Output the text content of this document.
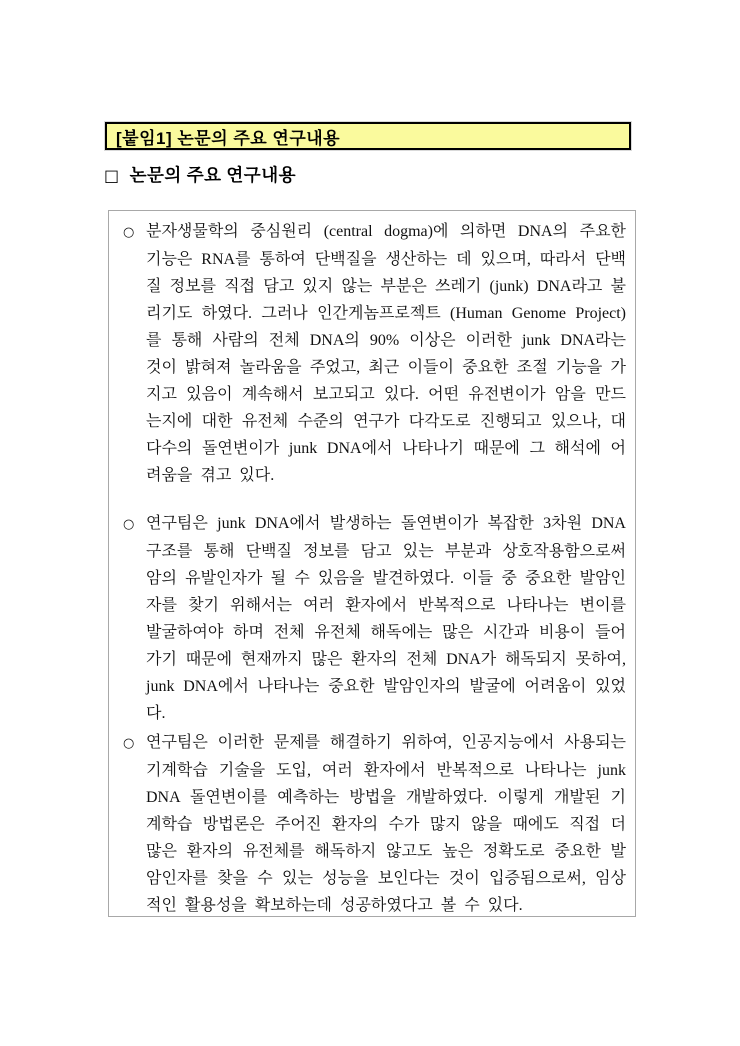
[붙임1] 논문의 주요 연구내용
□ 논문의 주요 연구내용

○ 분자생물학의 중심원리 (central dogma)에 의하면 DNA의 주요한 기능은 RNA를 통하여 단백질을 생산하는 데 있으며, 따라서 단백질 정보를 직접 담고 있지 않는 부분은 쓰레기 (junk) DNA라고 불리기도 하였다. 그러나 인간게놈프로젝트 (Human Genome Project)를 통해 사람의 전체 DNA의 90% 이상은 이러한 junk DNA라는 것이 밝혀져 놀라움을 주었고, 최근 이들이 중요한 조절 기능을 가지고 있음이 계속해서 보고되고 있다. 어떤 유전변이가 암을 만드는지에 대한 유전체 수준의 연구가 다각도로 진행되고 있으나, 대다수의 돌연변이가 junk DNA에서 나타나기 때문에 그 해석에 어려움을 겪고 있다.

○ 연구팀은 junk DNA에서 발생하는 돌연변이가 복잡한 3차원 DNA 구조를 통해 단백질 정보를 담고 있는 부분과 상호작용함으로써 암의 유발인자가 될 수 있음을 발견하였다. 이들 중 중요한 발암인자를 찾기 위해서는 여러 환자에서 반복적으로 나타나는 변이를 발굴하여야 하며 전체 유전체 해독에는 많은 시간과 비용이 들어가기 때문에 현재까지 많은 환자의 전체 DNA가 해독되지 못하여, junk DNA에서 나타나는 중요한 발암인자의 발굴에 어려움이 있었다.

○ 연구팀은 이러한 문제를 해결하기 위하여, 인공지능에서 사용되는 기계학습 기술을 도입, 여러 환자에서 반복적으로 나타나는 junk DNA 돌연변이를 예측하는 방법을 개발하였다. 이렇게 개발된 기계학습 방법론은 주어진 환자의 수가 많지 않을 때에도 직접 더 많은 환자의 유전체를 해독하지 않고도 높은 정확도로 중요한 발암인자를 찾을 수 있는 성능을 보인다는 것이 입증됨으로써, 임상적인 활용성을 확보하는데 성공하였다고 볼 수 있다.
